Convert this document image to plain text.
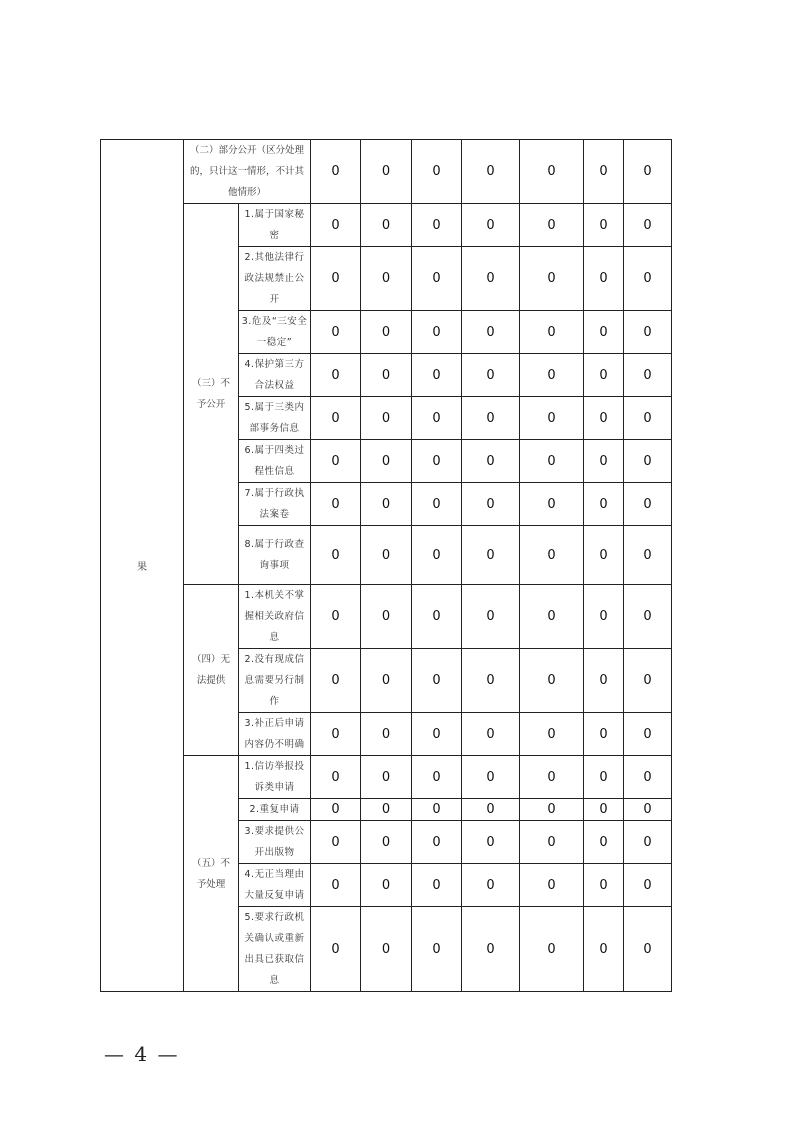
果	（二）部分公开（区分处理的，只计这一情形，不计其他情形）		0	0	0	0	0	0	0
	（三）不予公开	1.属于国家秘密	0	0	0	0	0	0	0
		2.其他法律行政法规禁止公开	0	0	0	0	0	0	0
		3.危及“三安全一稳定”	0	0	0	0	0	0	0
		4.保护第三方合法权益	0	0	0	0	0	0	0
		5.属于三类内部事务信息	0	0	0	0	0	0	0
		6.属于四类过程性信息	0	0	0	0	0	0	0
		7.属于行政执法案卷	0	0	0	0	0	0	0
		8.属于行政查询事项	0	0	0	0	0	0	0
	（四）无法提供	1.本机关不掌握相关政府信息	0	0	0	0	0	0	0
		2.没有现成信息需要另行制作	0	0	0	0	0	0	0
		3.补正后申请内容仍不明确	0	0	0	0	0	0	0
	（五）不予处理	1.信访举报投诉类申请	0	0	0	0	0	0	0
		2.重复申请	0	0	0	0	0	0	0
		3.要求提供公开出版物	0	0	0	0	0	0	0
		4.无正当理由大量反复申请	0	0	0	0	0	0	0
		5.要求行政机关确认或重新出具已获取信息	0	0	0	0	0	0	0
— 4 —
